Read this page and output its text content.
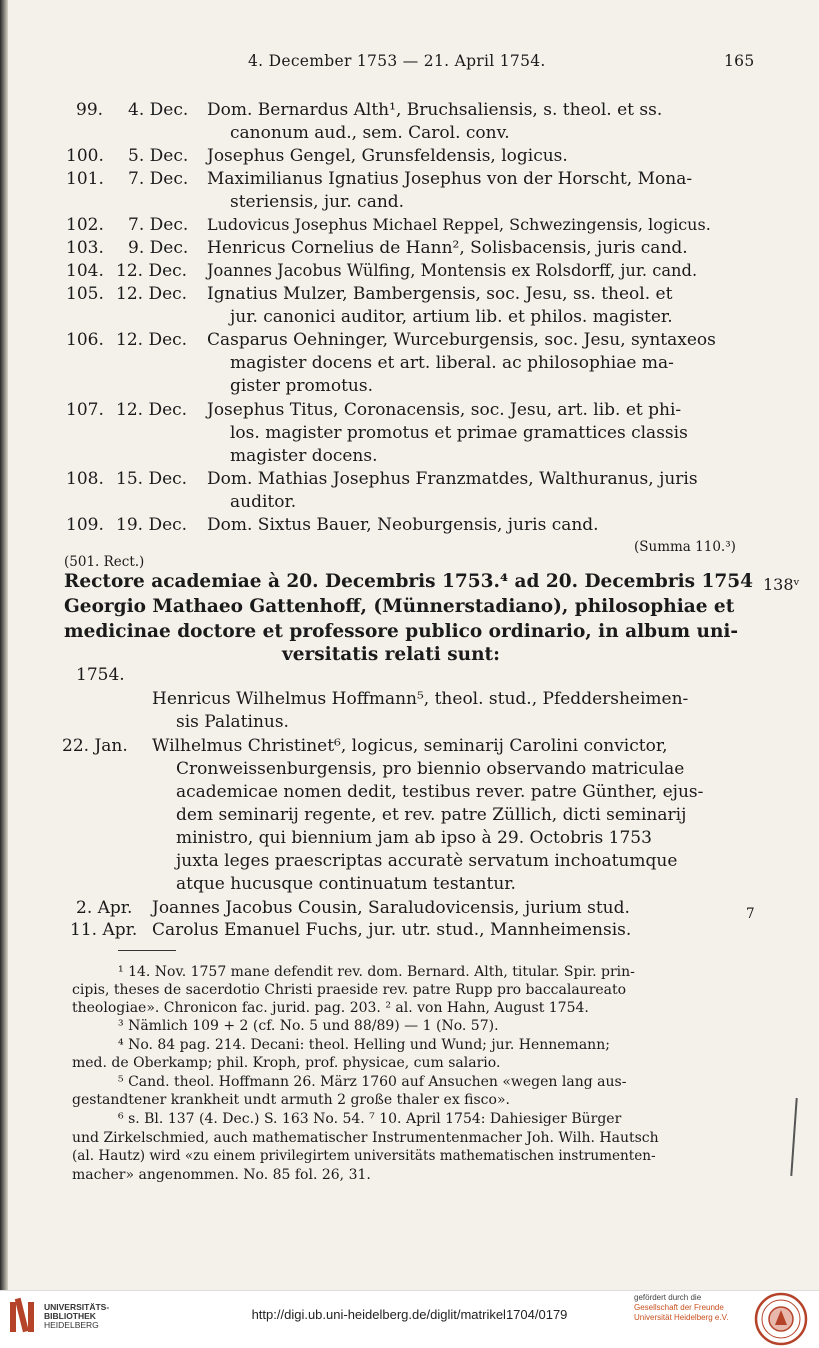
4. December 1753 — 21. April 1754.	165
99. 4. Dec. Dom. Bernardus Alth¹, Bruchsaliensis, s. theol. et ss.
canonum aud., sem. Carol. conv.
100. 5. Dec. Josephus Gengel, Grunsfeldensis, logicus.
101. 7. Dec. Maximilianus Ignatius Josephus von der Horscht, Mona-
steriensis, jur. cand.
102. 7. Dec. Ludovicus Josephus Michael Reppel, Schwezingensis, logicus.
103. 9. Dec. Henricus Cornelius de Hann², Solisbacensis, juris cand.
104. 12. Dec. Joannes Jacobus Wülfing, Montensis ex Rolsdorff, jur. cand.
105. 12. Dec. Ignatius Mulzer, Bambergensis, soc. Jesu, ss. theol. et
jur. canonici auditor, artium lib. et philos. magister.
106. 12. Dec. Casparus Oehninger, Wurceburgensis, soc. Jesu, syntaxeos
magister docens et art. liberal. ac philosophiae ma-
gister promotus.
107. 12. Dec. Josephus Titus, Coronacensis, soc. Jesu, art. lib. et phi-
los. magister promotus et primae gramattices classis
magister docens.
108. 15. Dec. Dom. Mathias Josephus Franzmatdes, Walthuranus, juris
auditor.
109. 19. Dec. Dom. Sixtus Bauer, Neoburgensis, juris cand.
(Summa 110.³)
(501. Rect.)
Rectore academiae à 20. Decembris 1753.⁴ ad 20. Decembris 1754 138ᵛ
Georgio Mathaeo Gattenhoff, (Münnerstadiano), philosophiae et
medicinae doctore et professore publico ordinario, in album uni-
versitatis relati sunt:
1754.
Henricus Wilhelmus Hoffmann⁵, theol. stud., Pfeddersheimen-
sis Palatinus.
22. Jan. Wilhelmus Christinet⁶, logicus, seminarij Carolini convictor,
Cronweissenburgensis, pro biennio observando matriculae
academicae nomen dedit, testibus rever. patre Günther, ejus-
dem seminarij regente, et rev. patre Züllich, dicti seminarij
ministro, qui biennium jam ab ipso à 29. Octobris 1753
juxta leges praescriptas accuratè servatum inchoatumque
atque hucusque continuatum testantur.
2. Apr. Joannes Jacobus Cousin, Saraludovicensis, jurium stud.	7
11. Apr. Carolus Emanuel Fuchs, jur. utr. stud., Mannheimensis.
¹ 14. Nov. 1757 mane defendit rev. dom. Bernard. Alth, titular. Spir. prin-
cipis, theses de sacerdotio Christi praeside rev. patre Rupp pro baccalaureato
theologiae». Chronicon fac. jurid. pag. 203. ² al. von Hahn, August 1754.
³ Nämlich 109 + 2 (cf. No. 5 und 88/89) — 1 (No. 57).
⁴ No. 84 pag. 214. Decani: theol. Helling und Wund; jur. Hennemann;
med. de Oberkamp; phil. Kroph, prof. physicae, cum salario.
⁵ Cand. theol. Hoffmann 26. März 1760 auf Ansuchen «wegen lang aus-
gestandtener krankheit undt armuth 2 große thaler ex fisco».
⁶ s. Bl. 137 (4. Dec.) S. 163 No. 54. ⁷ 10. April 1754: Dahiesiger Bürger
und Zirkelschmied, auch mathematischer Instrumentenmacher Joh. Wilh. Hautsch
(al. Hautz) wird «zu einem privilegirtem universitäts mathematischen instrumenten-
macher» angenommen. No. 85 fol. 26, 31.
UNIVERSITÄTS-
BIBLIOTHEK
HEIDELBERG
http://digi.ub.uni-heidelberg.de/diglit/matrikel1704/0179
gefördert durch die
Gesellschaft der Freunde
Universität Heidelberg e.V.
